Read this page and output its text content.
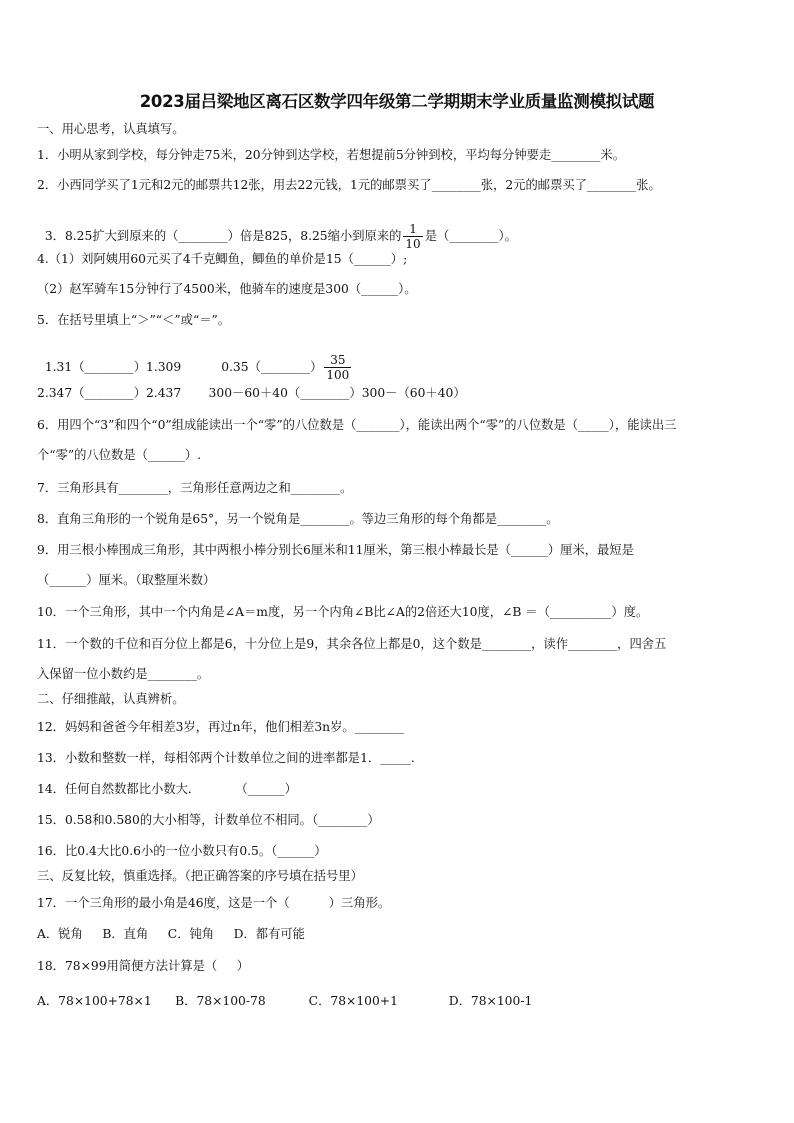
2023届吕梁地区离石区数学四年级第二学期期末学业质量监测模拟试题
一、用心思考，认真填写。
1．小明从家到学校，每分钟走75米，20分钟到达学校，若想提前5分钟到校，平均每分钟要走________米。
2．小西同学买了1元和2元的邮票共12张，用去22元钱，1元的邮票买了________张，2元的邮票买了________张。

3．8.25扩大到原来的（________）倍是825，8.25缩小到原来的 $\frac{1}{10}$ 是（________）。

4.（1）刘阿姨用60元买了4千克鲫鱼，鲫鱼的单价是15（______）;
（2）赵军骑车15分钟行了4500米，他骑车的速度是300（______）。
5．在括号里填上“＞”“＜”或“＝”。

1.31（________）1.309	0.35（________） $\frac{35}{100}$

2.347（________）2.437       300－60＋40（________）300－（60＋40）
6．用四个“3”和四个“0”组成能读出一个“零”的八位数是（_______），能读出两个“零”的八位数是（_____），能读出三
个“零”的八位数是（______）.
7．三角形具有________，三角形任意两边之和________。
8．直角三角形的一个锐角是65°，另一个锐角是________。等边三角形的每个角都是________。
9．用三根小棒围成三角形，其中两根小棒分别长6厘米和11厘米，第三根小棒最长是（______）厘米，最短是
（______）厘米。（取整厘米数）
10．一个三角形，其中一个内角是∠A＝m度，另一个内角∠B比∠A的2倍还大10度，∠B ＝（__________）度。
11．一个数的千位和百分位上都是6，十分位上是9，其余各位上都是0，这个数是________，读作________，四舍五
入保留一位小数约是________。
二、仔细推敲，认真辨析。
12．妈妈和爸爸今年相差3岁，再过n年，他们相差3n岁。________
13．小数和整数一样，每相邻两个计数单位之间的进率都是1．_____.
14．任何自然数都比小数大．         （______）
15．0.58和0.580的大小相等，计数单位不相同。（________）
16．比0.4大比0.6小的一位小数只有0.5。（______）
三、反复比较，慎重选择。（把正确答案的序号填在括号里）
17．一个三角形的最小角是46度，这是一个（          ）三角形。
A．锐角     B．直角     C．钝角     D．都有可能
18．78×99用简便方法计算是（     ）
A．78×100+78×1      B．78×100-78           C．78×100+1             D．78×100-1
